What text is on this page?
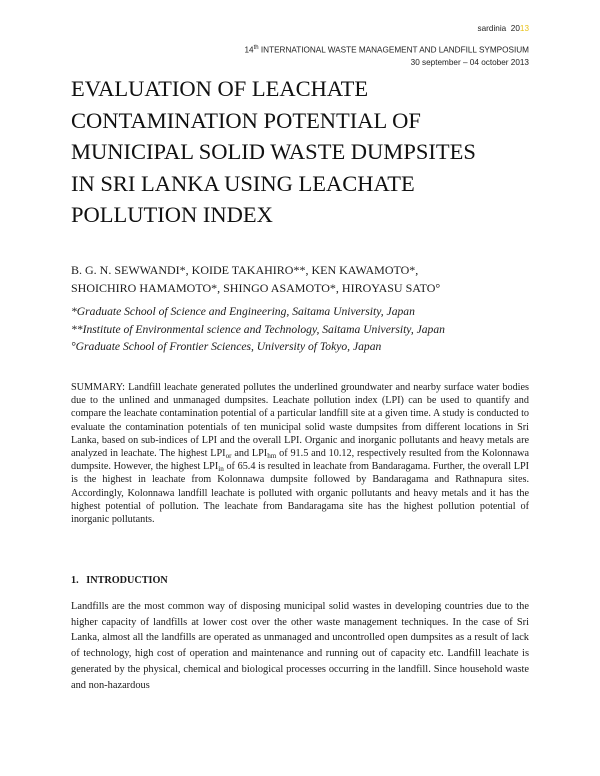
sardinia 2013
14th INTERNATIONAL WASTE MANAGEMENT AND LANDFILL SYMPOSIUM
30 september – 04 october 2013
EVALUATION OF LEACHATE
CONTAMINATION POTENTIAL OF
MUNICIPAL SOLID WASTE DUMPSITES
IN SRI LANKA USING LEACHATE
POLLUTION INDEX
B. G. N. SEWWANDI*, KOIDE TAKAHIRO**, KEN KAWAMOTO*,
SHOICHIRO HAMAMOTO*, SHINGO ASAMOTO*, HIROYASU SATO°
*Graduate School of Science and Engineering, Saitama University, Japan
**Institute of Environmental science and Technology, Saitama University, Japan
°Graduate School of Frontier Sciences, University of Tokyo, Japan

SUMMARY: Landfill leachate generated pollutes the underlined groundwater and nearby surface water bodies due to the unlined and unmanaged dumpsites. Leachate pollution index (LPI) can be used to quantify and compare the leachate contamination potential of a particular landfill site at a given time. A study is conducted to evaluate the contamination potentials of ten municipal solid waste dumpsites from different locations in Sri Lanka, based on sub-indices of LPI and the overall LPI. Organic and inorganic pollutants and heavy metals are analyzed in leachate. The highest $LPI_{or}$ and $LPI_{hm}$ of 91.5 and 10.12, respectively resulted from the Kolonnawa dumpsite. However, the highest $LPI_{in}$ of 65.4 is resulted in leachate from Bandaragama. Further, the overall LPI is the highest in leachate from Kolonnawa dumpsite followed by Bandaragama and Rathnapura sites. Accordingly, Kolonnawa landfill leachate is polluted with organic pollutants and heavy metals and it has the highest potential of pollution. The leachate from Bandaragama site has the highest pollution potential of inorganic pollutants.

1.   INTRODUCTION

Landfills are the most common way of disposing municipal solid wastes in developing countries due to the higher capacity of landfills at lower cost over the other waste management techniques. In the case of Sri Lanka, almost all the landfills are operated as unmanaged and uncontrolled open dumpsites as a result of lack of technology, high cost of operation and maintenance and running out of capacity etc. Landfill leachate is generated by the physical, chemical and biological processes occurring in the landfill. Since household waste and non-hazardous
